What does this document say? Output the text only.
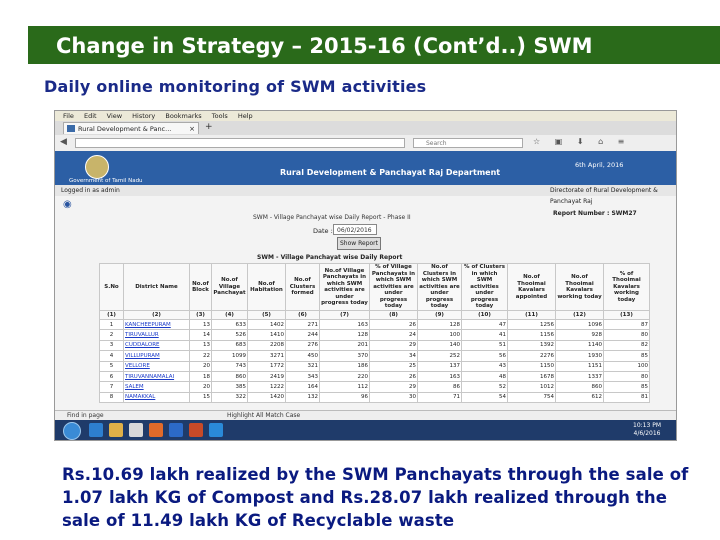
Change in Strategy – 2015-16 (Cont’d..) SWM
Daily online monitoring of SWM activities
File Edit View History Bookmarks Tools Help
Rural Development & Panc...	× +
◀
	Search	☆ ▣ ⬇ ⌂ ≡
Government of Tamil Nadu
Rural Development & Panchayat Raj Department
6th April, 2016
Logged in as admin	Directorate of Rural Development & Panchayat Raj
◉
SWM - Village Panchayat wise Daily Report - Phase II
Report Number : SWM27
Date : 06/02/2016
Show Report
SWM - Village Panchayat wise Daily Report
S.No	District Name	No.of Block	No.of Village Panchayat	No.of Habitation	No.of Clusters formed	No.of Village Panchayats in which SWM activities are under progress today	% of Village Panchayats in which SWM activities are under progress today	No.of Clusters in which SWM activities are under progress today	% of Clusters in which SWM activities under progress today	No.of Thooimai Kavalars appointed	No.of Thooimai Kavalars working today	% of Thooimai Kavalars working today
(1)	(2)	(3)	(4)	(5)	(6)	(7)	(8)	(9)	(10)	(11)	(12)	(13)
1	KANCHEEPURAM	13	633	1402	271	163	26	128	47	1256	1096	87
2	TIRUVALLUR	14	526	1410	244	128	24	100	41	1156	928	80
3	CUDDALORE	13	683	2208	276	201	29	140	51	1392	1140	82
4	VILLUPURAM	22	1099	3271	450	370	34	252	56	2276	1930	85
5	VELLORE	20	743	1772	321	186	25	137	43	1150	1151	100
6	TIRUVANNAMALAI	18	860	2419	343	220	26	163	48	1678	1337	80
7	SALEM	20	385	1222	164	112	29	86	52	1012	860	85
8	NAMAKKAL	15	322	1420	132	96	30	71	54	754	612	81
Find in page	Highlight All Match Case
10:13 PM
4/6/2016
Rs.10.69 lakh realized by the SWM Panchayats through the sale of 1.07 lakh KG of Compost and Rs.28.07 lakh realized through the sale of 11.49 lakh KG of Recyclable waste
